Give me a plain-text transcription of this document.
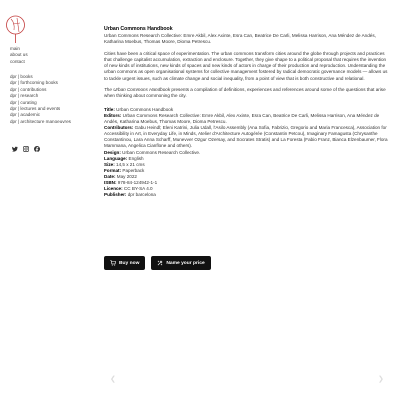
main
about us
contact
dpr | books
dpr | forthcoming books
dpr | contributions
dpr | research
dpr | curating
dpr | lectures and events
dpr | academic
dpr | architecture manoeuvres
Urban Commons Handbook
Urban Commons Research Collective: Emre Akbil, Alex Axinte, Esra Can, Beatrice De Carli, Melissa Harrison, Ana Méndez de Andés, Katharina Moebus, Thomas Moore, Dioma Petrescu.
Cities have been a critical space of experimentation. The urban commons transform cities around the globe through projects and practices that challenge capitalist accumulation, extraction and enclosure. Together, they give shape to a political proposal that requires the invention of new kinds of institutions, new kinds of spaces and new kinds of actors in charge of their production and reproduction. Understanding the urban commons as open organisational systems for collective management fostered by radical democratic governance models — allows us to tackle urgent issues, such as climate change and social inequality, from a point of view that is both constructive and relational.
The Urban Commons Handbook presents a compilation of definitions, experiences and references around some of the questions that arise when thinking about commoning the city.
Title: Urban Commons Handbook
Editors: Urban Commons Research Collective: Emre Akbil, Alex Axinte, Esra Can, Beatrice De Carli, Melissa Harrison, Ana Méndez de Andés, Katharina Moebus, Thomas Moore, Dioma Petrescu.
Contributors: Gabu Heindl; Eleni Katrini, Julia Udall, l'Asilo Assembly (Ana Sofia, Fabrizio, Gregorio and Maria Francesca), Association for Accessibility in Art, in Everyday Life, in Minds, Atelier d'Architecture Autogérée (Constantin Petcou), Imaginary Famagusta (Chrysanthe Constantinou, Lara Anna Scharff, Munevver Ozgur Ozersay, and Socrates Stratis) and La Foresta (Fabio Franz, Bianca Elzenbaumer, Flora Mammana, Angelica Cianflone and others).
Design: Urban Commons Research Collective.
Language: English
Size: 14,5 x 21 cms
Format: Paperback
Date: May 2022
ISBN: 978-84-124942-1-1
Licence: CC BY-SA 4.0
Publisher: dpr barcelona
Buy now	Name your price
❮	❯
